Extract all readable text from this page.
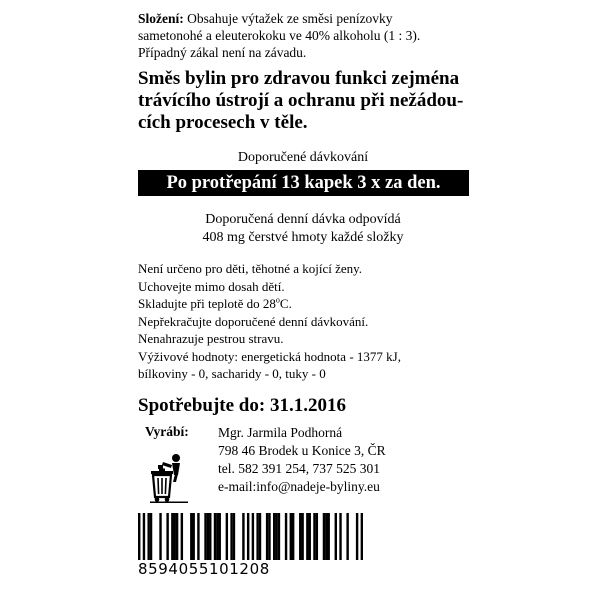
Složení: Obsahuje výtažek ze směsi penízovky
sametonohé a eleuterokoku ve 40% alkoholu (1 : 3).
Případný zákal není na závadu.
Směs bylin pro zdravou funkci zejména
trávícího ústrojí a ochranu při nežádou-
cích procesech v těle.
Doporučené dávkování
Po protřepání 13 kapek 3 x za den.
Doporučená denní dávka odpovídá
408 mg čerstvé hmoty každé složky
Není určeno pro děti, těhotné a kojící ženy.
Uchovejte mimo dosah dětí.
Skladujte při teplotě do 28$^o$C.
Nepřekračujte doporučené denní dávkování.
Nenahrazuje pestrou stravu.
Výživové hodnoty: energetická hodnota - 1377 kJ,
bílkoviny - 0, sacharidy - 0, tuky - 0
Spotřebujte do: 31.1.2016
Vyrábí: Mgr. Jarmila Podhorná
798 46 Brodek u Konice 3, ČR
tel. 582 391 254, 737 525 301
e-mail:info@nadeje-byliny.eu
8594055101208
